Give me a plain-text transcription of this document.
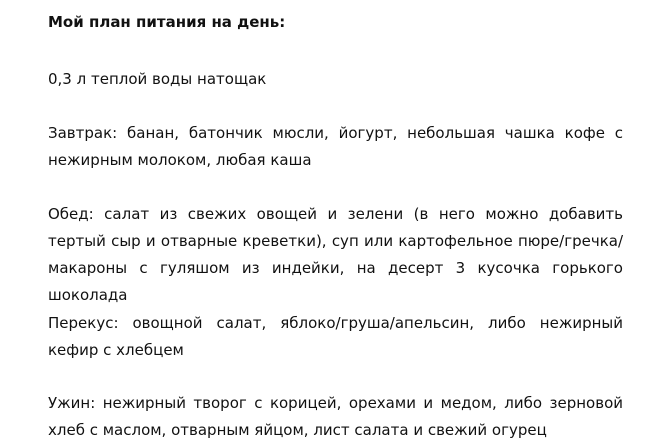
Мой план питания на день:

0,3 л теплой воды натощак

Завтрак: банан, батончик мюсли, йогурт, небольшая чашка кофе с нежирным молоком, любая каша

Обед: салат из свежих овощей и зелени (в него можно добавить тертый сыр и отварные креветки), суп или картофельное пюре/гречка/макароны с гуляшом из индейки, на десерт 3 кусочка горького шоколада

Перекус: овощной салат, яблоко/груша/апельсин, либо нежирный кефир с хлебцем

Ужин: нежирный творог с корицей, орехами и медом, либо зерновой хлеб с маслом, отварным яйцом, лист салата и свежий огурец
